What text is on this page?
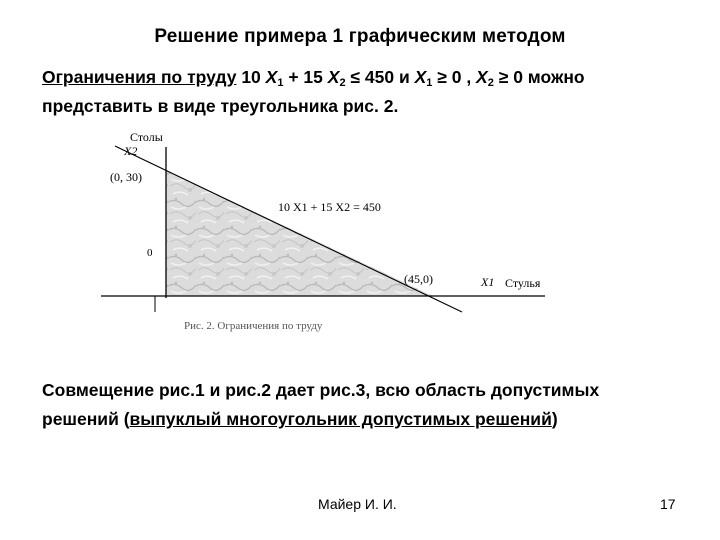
Решение примера 1 графическим методом
Ограничения по труду 10 $X_1 + 15$ $X_2 \le 450$ и $X_1 \ge 0$ , $X_2 \ge 0$ можно
представить в виде треугольника рис. 2.
Столы
X2
(0, 30)
0
10 X1 + 15 X2 = 450
(45,0)	X1 Стулья
Рис. 2. Ограничения по труду
Совмещение рис.1 и рис.2 дает рис.3, всю область допустимых
решений (выпуклый многоугольник допустимых решений)
Майер И. И.	17
